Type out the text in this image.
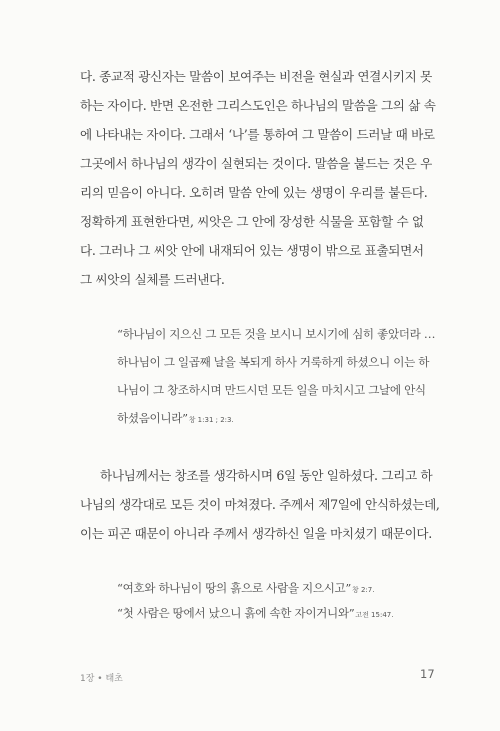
다. 종교적 광신자는 말씀이 보여주는 비전을 현실과 연결시키지 못
하는 자이다. 반면 온전한 그리스도인은 하나님의 말씀을 그의 삶 속
에 나타내는 자이다. 그래서 ‘나’를 통하여 그 말씀이 드러날 때 바로
그곳에서 하나님의 생각이 실현되는 것이다. 말씀을 붙드는 것은 우
리의 믿음이 아니다. 오히려 말씀 안에 있는 생명이 우리를 붙든다.
정확하게 표현한다면, 씨앗은 그 안에 장성한 식물을 포함할 수 없
다. 그러나 그 씨앗 안에 내재되어 있는 생명이 밖으로 표출되면서
그 씨앗의 실체를 드러낸다.
“하나님이 지으신 그 모든 것을 보시니 보시기에 심히 좋았더라 …
하나님이 그 일곱째 날을 복되게 하사 거룩하게 하셨으니 이는 하
나님이 그 창조하시며 만드시던 모든 일을 마치시고 그날에 안식
하셨음이니라”창 1:31 ; 2:3.
하나님께서는 창조를 생각하시며 6일 동안 일하셨다. 그리고 하
나님의 생각대로 모든 것이 마쳐졌다. 주께서 제7일에 안식하셨는데,
이는 피곤 때문이 아니라 주께서 생각하신 일을 마치셨기 때문이다.
“여호와 하나님이 땅의 흙으로 사람을 지으시고”창 2:7.
“첫 사람은 땅에서 났으니 흙에 속한 자이거니와”고전 15:47.
1장 • 태초	17
